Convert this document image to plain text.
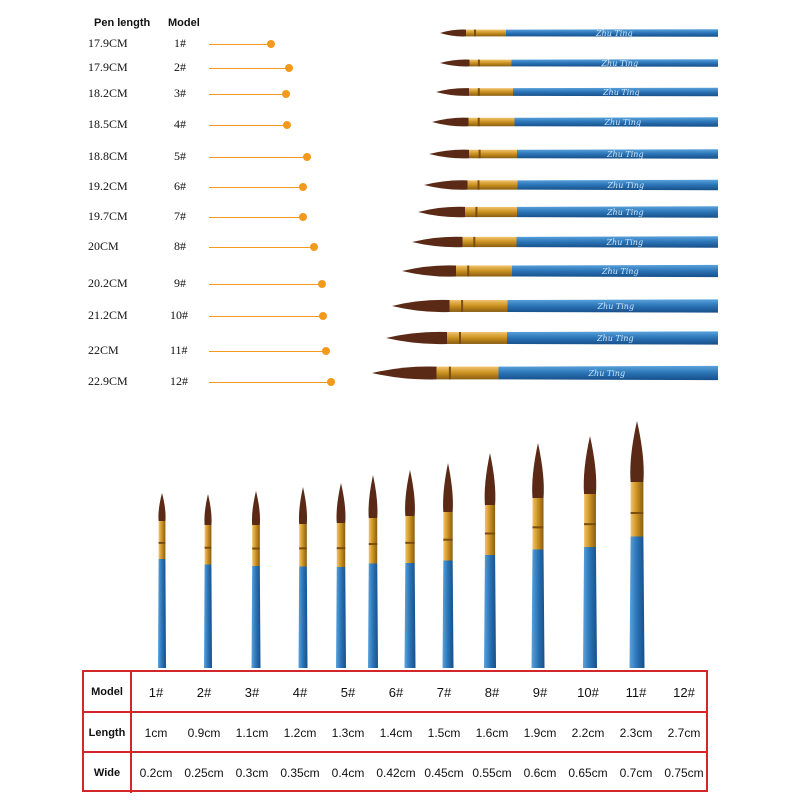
Pen length Model
17.9CM	1#
17.9CM	2#
18.2CM	3#
18.5CM	4#
18.8CM	5#
19.2CM	6#
19.7CM	7#
20CM	8#
20.2CM	9#
21.2CM	10#
22CM	11#
22.9CM	12#
Zhu Ting
Zhu Ting
Zhu Ting
Zhu Ting
Zhu Ting
Zhu Ting
Zhu Ting
Zhu Ting
Zhu Ting
Zhu Ting
Zhu Ting
Zhu Ting
Model	1#	2#	3#	4#	5#	6#	7#	8#	9#	10#	11#	12#
Length	1cm	0.9cm	1.1cm	1.2cm	1.3cm	1.4cm	1.5cm	1.6cm	1.9cm	2.2cm	2.3cm	2.7cm
Wide	0.2cm 0.25cm 0.3cm 0.35cm 0.4cm 0.42cm 0.45cm 0.55cm 0.6cm 0.65cm 0.7cm 0.75cm
